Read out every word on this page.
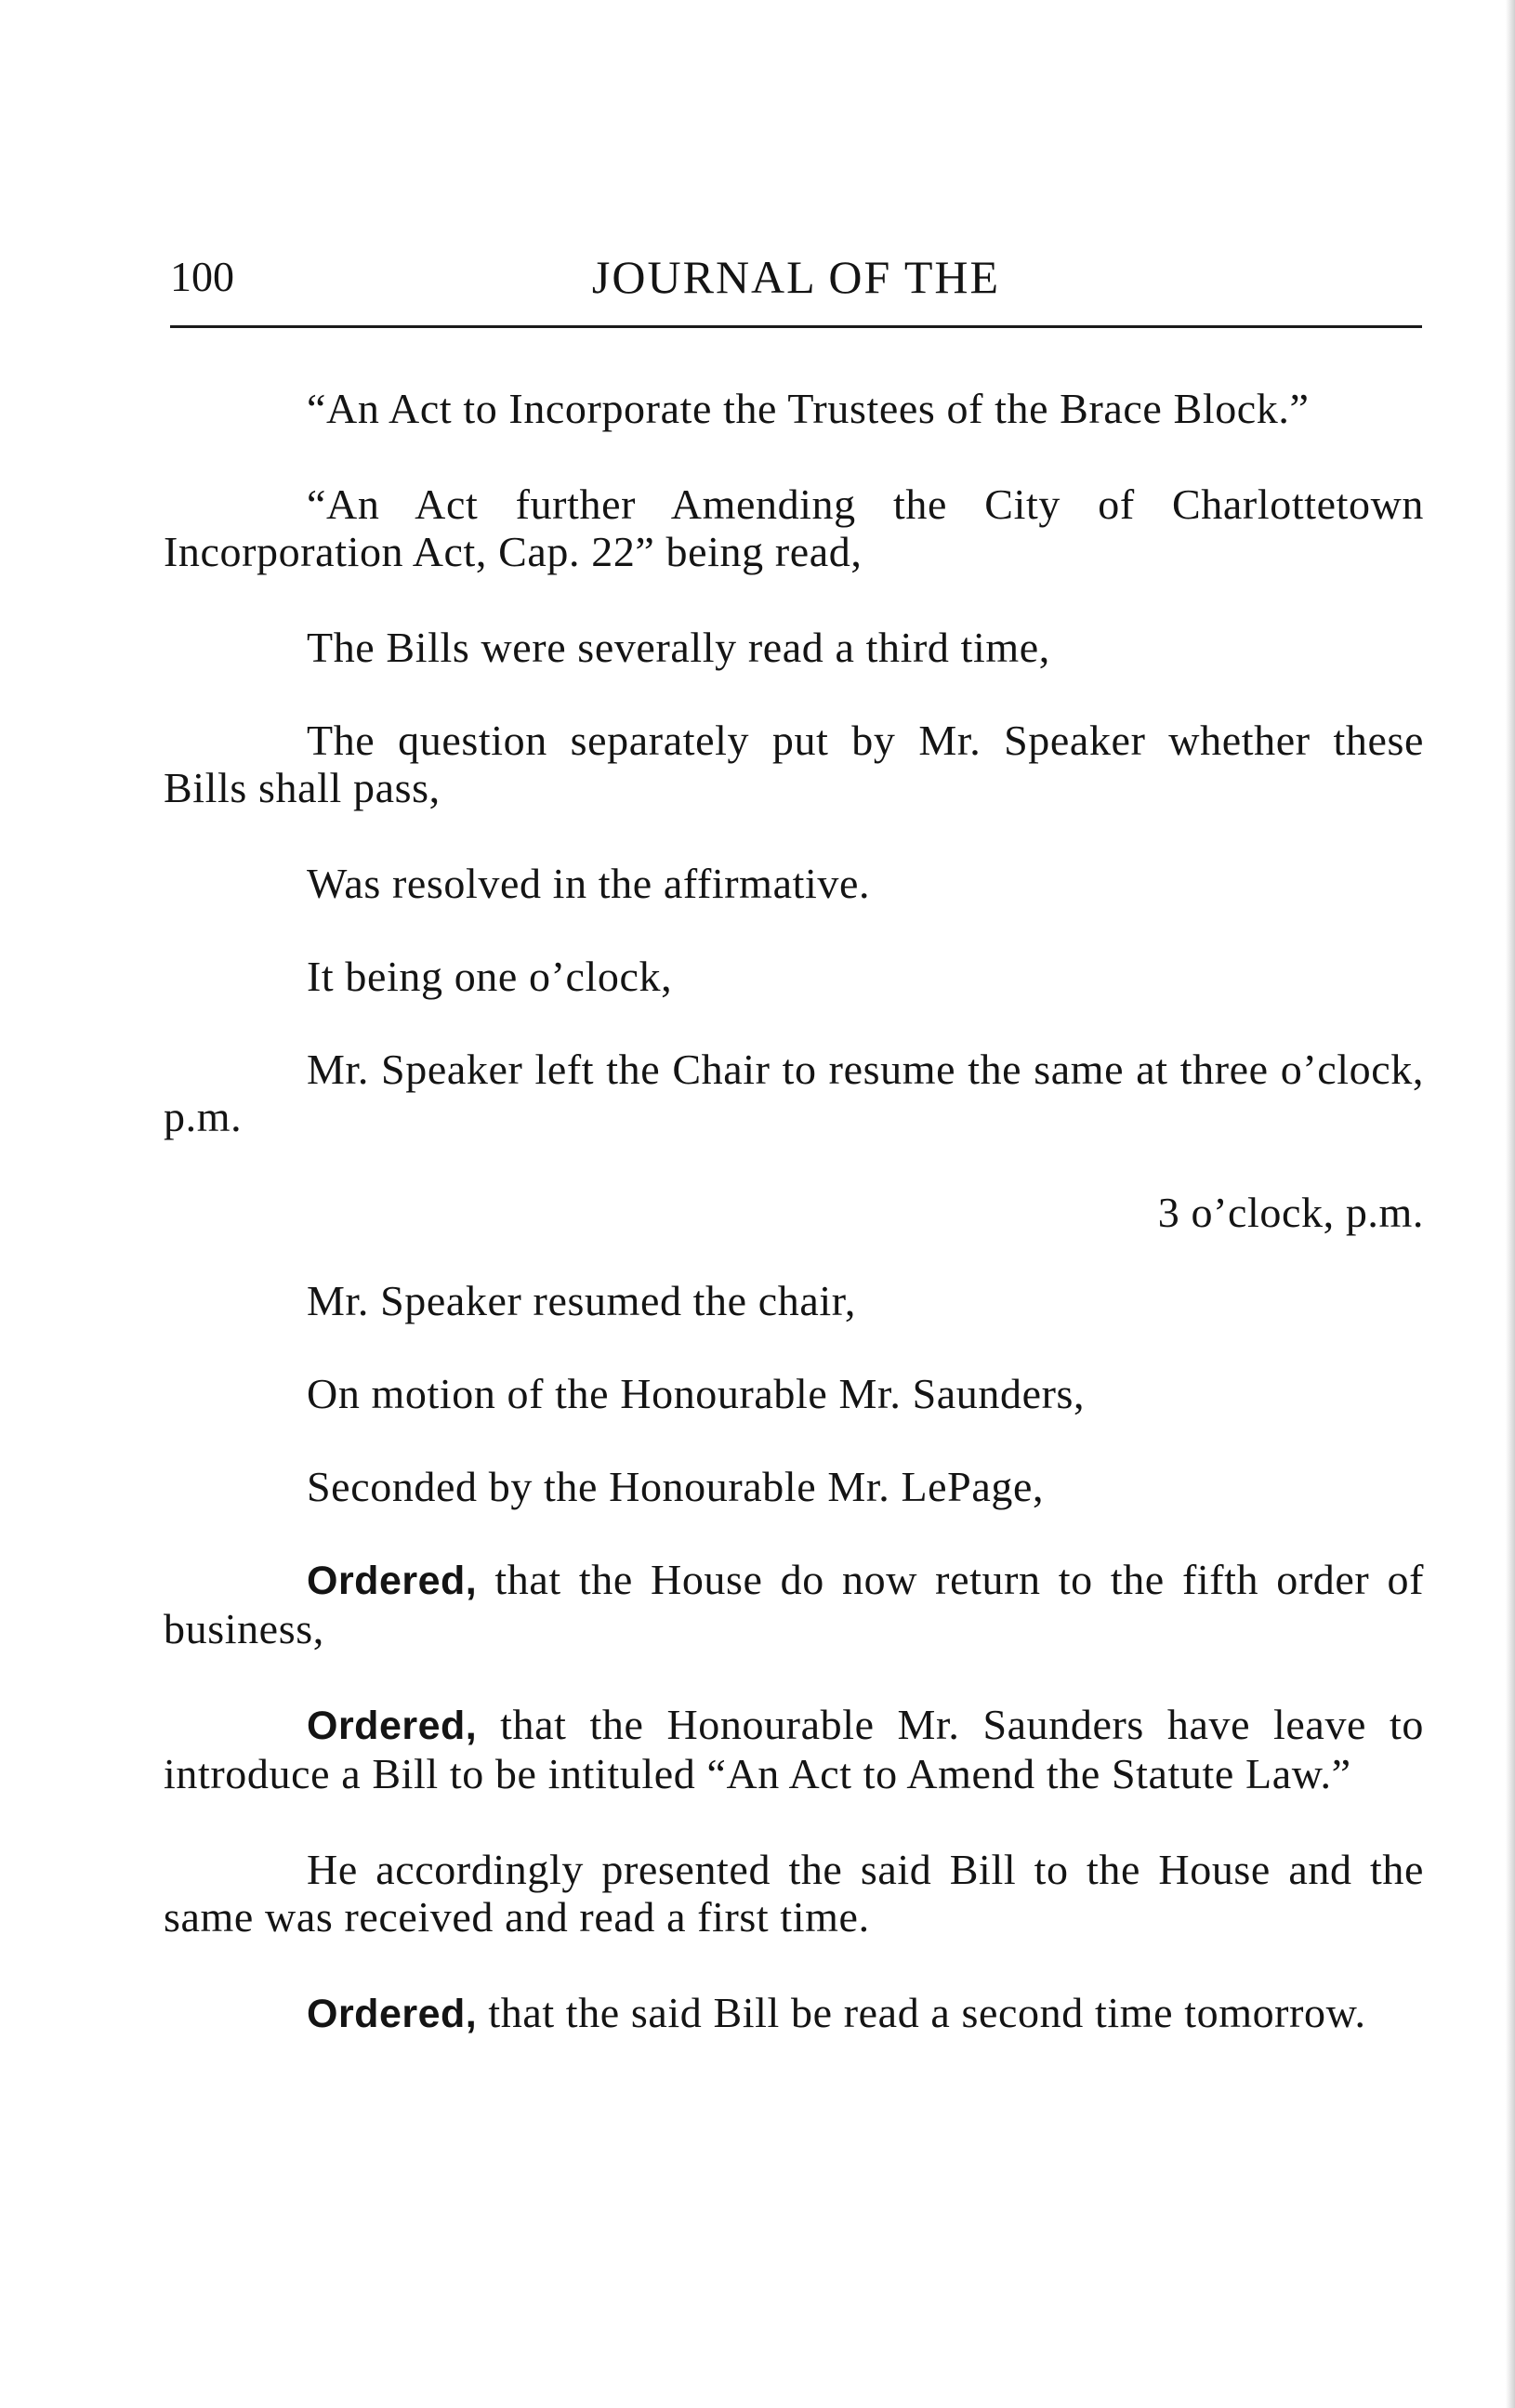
100	JOURNAL OF THE

“An Act to Incorporate the Trustees of the Brace Block.”

“An Act further Amending the City of Charlottetown Incorporation Act, Cap. 22” being read,

The Bills were severally read a third time,

The question separately put by Mr. Speaker whether these Bills shall pass,

Was resolved in the affirmative.

It being one o’clock,

Mr. Speaker left the Chair to resume the same at three o’clock, p.m.

3 o’clock, p.m.

Mr. Speaker resumed the chair,

On motion of the Honourable Mr. Saunders,

Seconded by the Honourable Mr. LePage,

Ordered, that the House do now return to the fifth order of business,

Ordered, that the Honourable Mr. Saunders have leave to introduce a Bill to be intituled “An Act to Amend the Statute Law.”

He accordingly presented the said Bill to the House and the same was received and read a first time.

Ordered, that the said Bill be read a second time tomorrow.
